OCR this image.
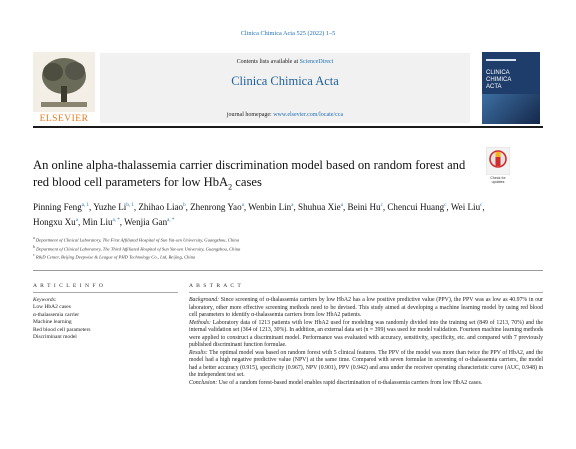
Clinica Chimica Acta 525 (2022) 1–5
ELSEVIER
Contents lists available at ScienceDirect
Clinica Chimica Acta
journal homepage: www.elsevier.com/locate/cca
CLINICA
CHIMICA
ACTA
An online alpha-thalassemia carrier discrimination model based on random forest and red blood cell parameters for low HbA$_2$ cases	Check for
updates
Pinning Feng$^{a, 1}$, Yuzhe Li$^{b, 1}$, Zhihao Liao$^b$, Zhenrong Yao$^a$, Wenbin Lin$^a$, Shuhua Xie$^a$, Beini Hu$^c$, Chencui Huang$^c$, Wei Liu$^c$, Hongxu Xu$^a$, Min Liu$^{a, *}$, Wenjia Gan$^{a, *}$
$^a$ Department of Clinical Laboratory, The First Affiliated Hospital of Sun Yat-sen University, Guangzhou, China
$^b$ Department of Clinical Laboratory, The Third Affiliated Hospital of Sun Yat-sen University, Guangzhou, China
$^c$ R&D Center, Beijing Deepwise & League of PHD Technology Co., Ltd, Beijing, China
A R T I C L E I N F O	A B S T R A C T
Keywords:
Low HbA2 cases
α-thalassemia carrier
Machine learning
Red blood cell parameters
Discriminant model

Background: Since screening of α-thalassemia carriers by low HbA2 has a low positive predictive value (PPV), the PPV was as low as 40.97% in our laboratory, other more effective screening methods need to be devised. This study aimed at developing a machine learning model by using red blood cell parameters to identify α-thalassemia carriers from low HbA2 patients.

Methods: Laboratory data of 1213 patients with low HbA2 used for modeling was randomly divided into the training set (849 of 1213, 70%) and the internal validation set (364 of 1213, 30%). In addition, an external data set (n = 399) was used for model validation. Fourteen machine learning methods were applied to construct a discriminant model. Performance was evaluated with accuracy, sensitivity, specificity, etc. and compared with 7 previously published discriminant function formulae.

Results: The optimal model was based on random forest with 5 clinical features. The PPV of the model was more than twice the PPV of HbA2, and the model had a high negative predictive value (NPV) at the same time. Compared with seven formulae in screening of α-thalassemia carriers, the model had a better accuracy (0.915), specificity (0.967), NPV (0.901), PPV (0.942) and area under the receiver operating characteristic curve (AUC, 0.948) in the independent test set.

Conclusion: Use of a random forest-based model enables rapid discrimination of α-thalassemia carriers from low HbA2 cases.
